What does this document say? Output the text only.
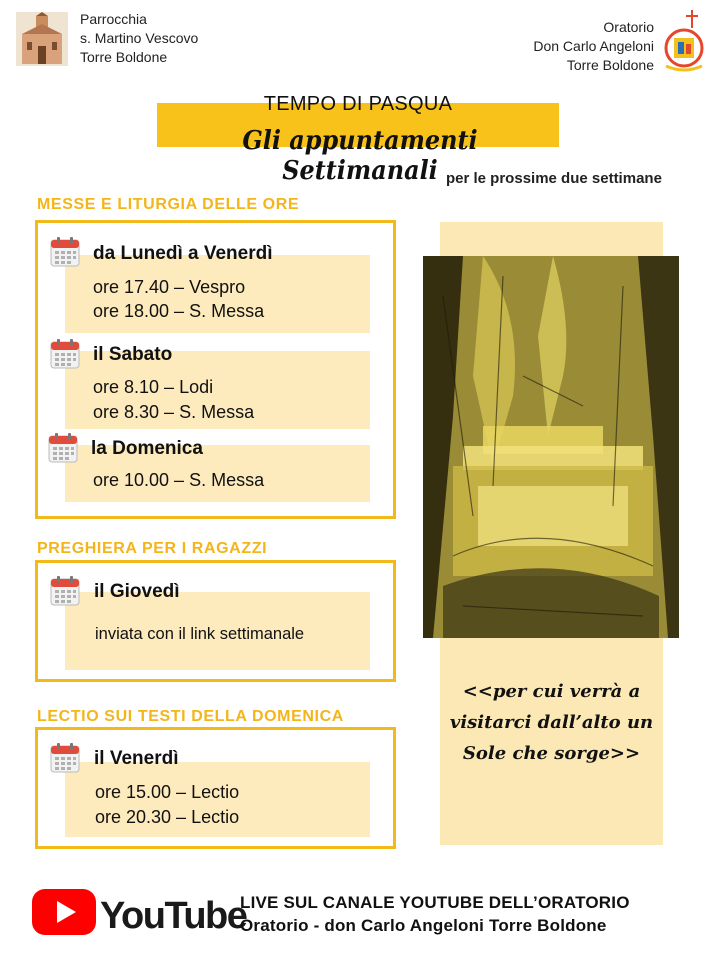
Parrocchia
s. Martino Vescovo
Torre Boldone
Oratorio
Don Carlo Angeloni
Torre Boldone
TEMPO DI PASQUA
Gli appuntamenti Settimanali per le prossime due settimane
MESSE E LITURGIA DELLE ORE
da Lunedì a Venerdì
ore 17.40 – Vespro
ore 18.00 – S. Messa
il Sabato
ore 8.10 – Lodi
ore 8.30 – S. Messa
la Domenica
ore 10.00 – S. Messa
PREGHIERA PER I RAGAZZI
il Giovedì
inviata con il link settimanale
LECTIO SUI TESTI DELLA DOMENICA
il Venerdì
ore 15.00 – Lectio
ore 20.30 – Lectio
<<per cui verrà a
visitarci dall’alto un
Sole che sorge>>
YouTube
LIVE SUL CANALE YOUTUBE DELL’ORATORIO
Oratorio - don Carlo Angeloni Torre Boldone
